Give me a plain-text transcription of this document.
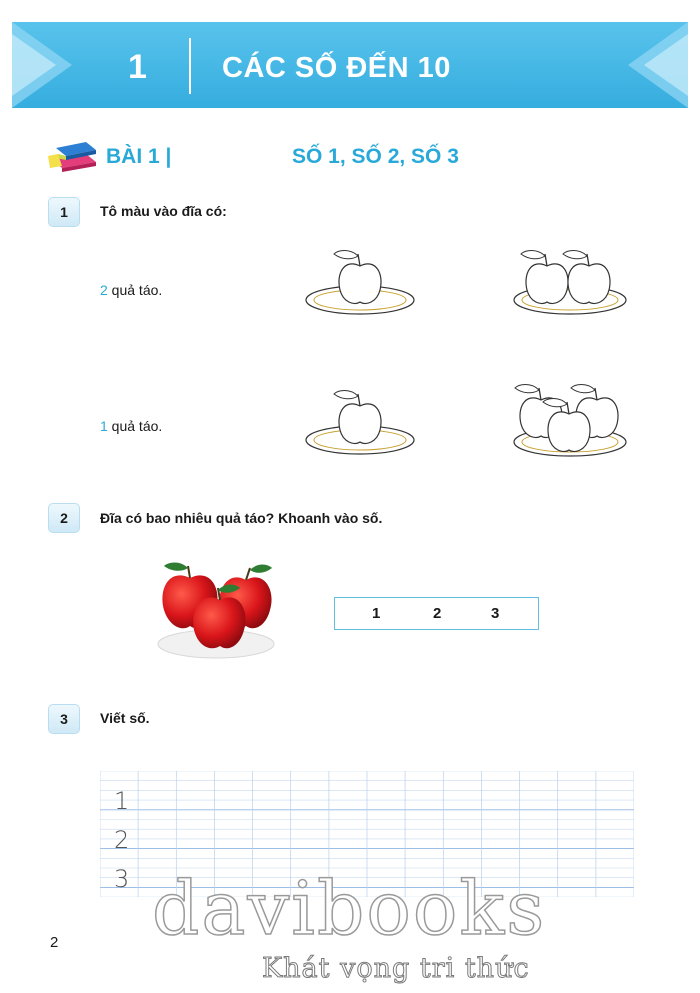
1	CÁC SỐ ĐẾN 10
BÀI 1 |	SỐ 1, SỐ 2, SỐ 3
1	Tô màu vào đĩa có:
2 quả táo.
1 quả táo.
2	Đĩa có bao nhiêu quả táo? Khoanh vào số.
1	2	3
3	Viết số.
1
2
3
2 davibooks
Khát vọng tri thức
